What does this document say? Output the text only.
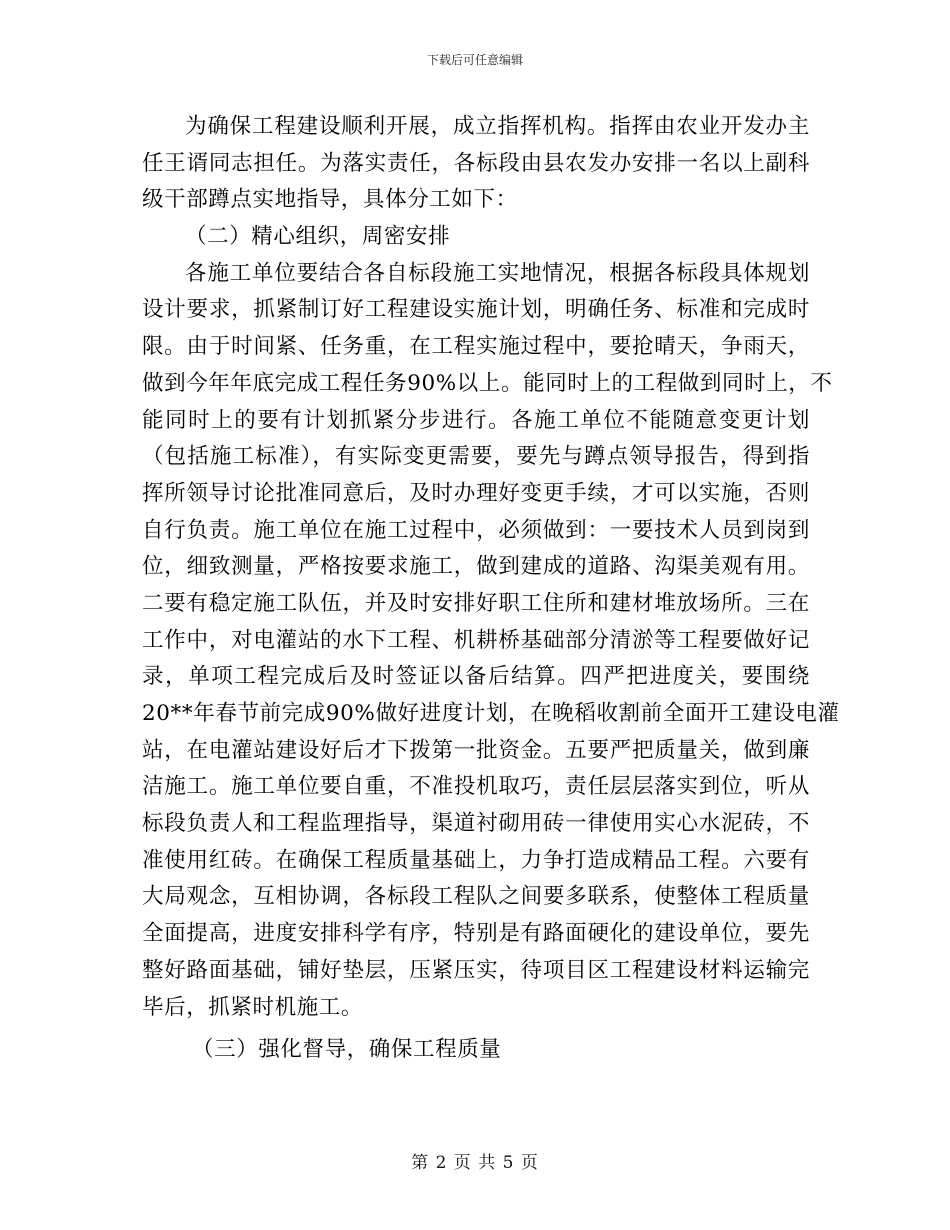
下载后可任意编辑
为确保工程建设顺利开展，成立指挥机构。指挥由农业开发办主
任王谞同志担任。为落实责任，各标段由县农发办安排一名以上副科
级干部蹲点实地指导，具体分工如下：
（二）精心组织，周密安排
各施工单位要结合各自标段施工实地情况，根据各标段具体规划
设计要求，抓紧制订好工程建设实施计划，明确任务、标准和完成时
限。由于时间紧、任务重，在工程实施过程中，要抢晴天，争雨天，
做到今年年底完成工程任务90%以上。能同时上的工程做到同时上，不
能同时上的要有计划抓紧分步进行。各施工单位不能随意变更计划
（包括施工标准），有实际变更需要，要先与蹲点领导报告，得到指
挥所领导讨论批准同意后，及时办理好变更手续，才可以实施，否则
自行负责。施工单位在施工过程中，必须做到：一要技术人员到岗到
位，细致测量，严格按要求施工，做到建成的道路、沟渠美观有用。
二要有稳定施工队伍，并及时安排好职工住所和建材堆放场所。三在
工作中，对电灌站的水下工程、机耕桥基础部分清淤等工程要做好记
录，单项工程完成后及时签证以备后结算。四严把进度关，要围绕
20**年春节前完成90%做好进度计划，在晚稻收割前全面开工建设电灌
站，在电灌站建设好后才下拨第一批资金。五要严把质量关，做到廉
洁施工。施工单位要自重，不准投机取巧，责任层层落实到位，听从
标段负责人和工程监理指导，渠道衬砌用砖一律使用实心水泥砖，不
准使用红砖。在确保工程质量基础上，力争打造成精品工程。六要有
大局观念，互相协调，各标段工程队之间要多联系，使整体工程质量
全面提高，进度安排科学有序，特别是有路面硬化的建设单位，要先
整好路面基础，铺好垫层，压紧压实，待项目区工程建设材料运输完
毕后，抓紧时机施工。
（三）强化督导，确保工程质量
第 2 页 共 5 页
